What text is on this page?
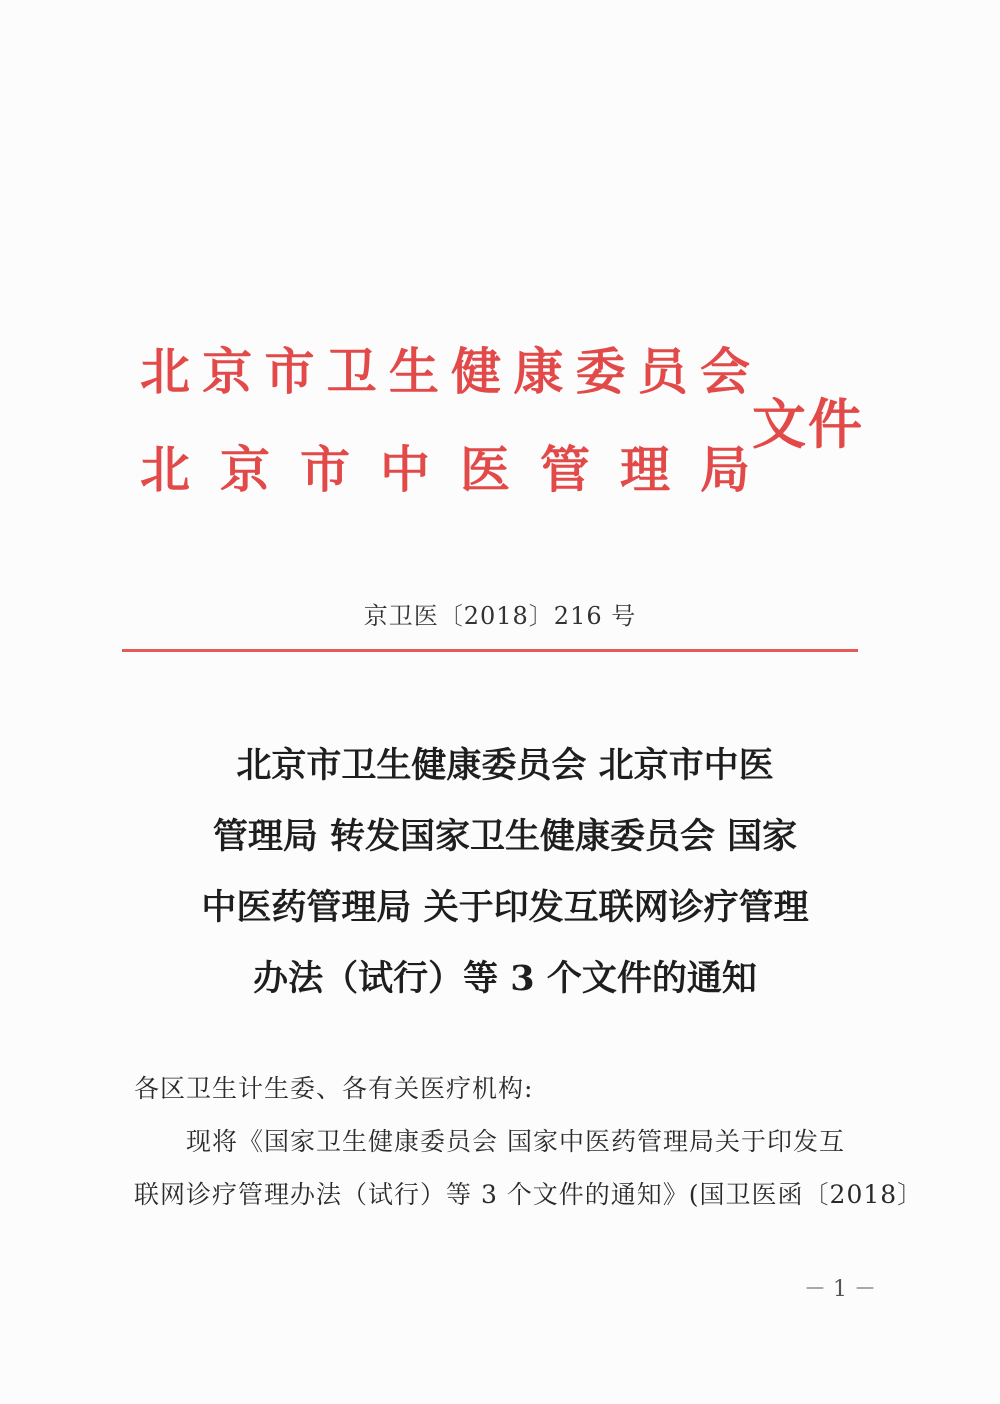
北 京 市 卫 生 健 康 委 员 会
北 京 市 中 医 管 理 局
文件
京卫医〔2018〕216 号
北京市卫生健康委员会 北京市中医
管理局 转发国家卫生健康委员会 国家
中医药管理局 关于印发互联网诊疗管理
办法（试行）等 3 个文件的通知
各区卫生计生委、各有关医疗机构:
现将《国家卫生健康委员会 国家中医药管理局关于印发互
联网诊疗管理办法（试行）等 3 个文件的通知》(国卫医函〔2018〕
－ 1 －
